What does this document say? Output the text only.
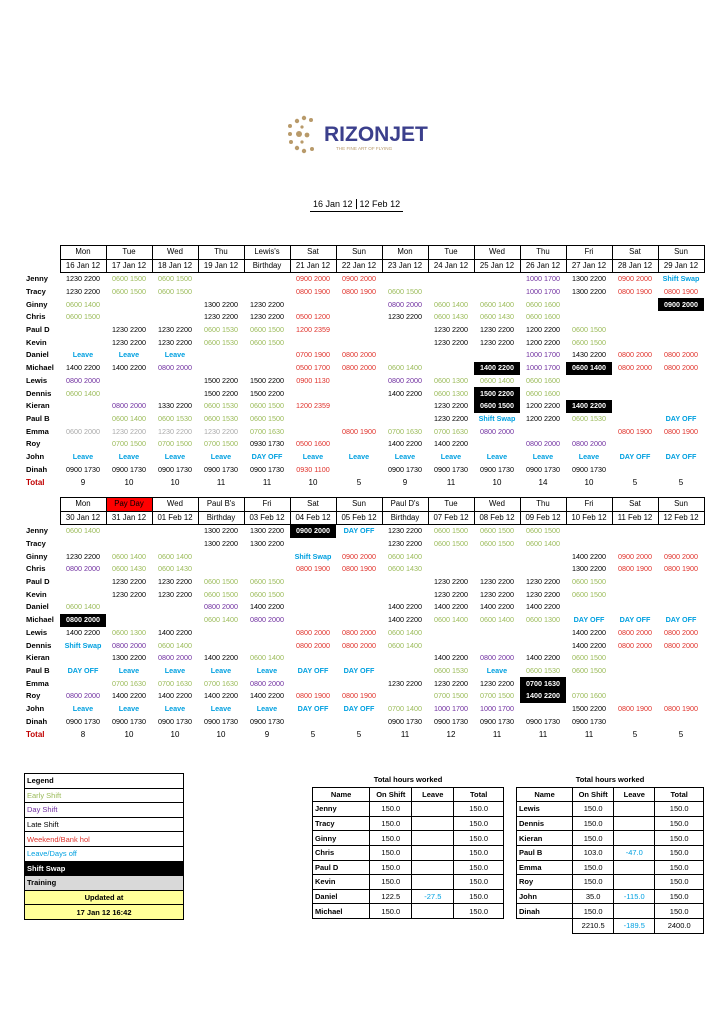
RIZONJET
THE FINE ART OF FLYING
16 Jan 12 12 Feb 12
	Mon	Tue	Wed	Thu	Lewis's	Sat	Sun	Mon	Tue	Wed	Thu	Fri	Sat	Sun
	16 Jan 12	17 Jan 12	18 Jan 12	19 Jan 12	Birthday	21 Jan 12	22 Jan 12	23 Jan 12	24 Jan 12	25 Jan 12	26 Jan 12	27 Jan 12	28 Jan 12	29 Jan 12
Jenny	1230 2200	0600 1500	0600 1500			0900 2000	0900 2000				1000 1700	1300 2200	0900 2000	Shift Swap
Tracy	1230 2200	0600 1500	0600 1500			0800 1900	0800 1900	0600 1500			1000 1700	1300 2200	0800 1900	0800 1900
Ginny	0600 1400			1300 2200	1230 2200			0800 2000	0600 1400	0600 1400	0600 1600			0900 2000
Chris	0600 1500			1230 2200	1230 2200	0500 1200		1230 2200	0600 1430	0600 1430	0600 1600			
Paul D		1230 2200	1230 2200	0600 1530	0600 1500	1200 2359			1230 2200	1230 2200	1200 2200	0600 1500		
Kevin		1230 2200	1230 2200	0600 1530	0600 1500				1230 2200	1230 2200	1200 2200	0600 1500		
Daniel	Leave	Leave	Leave			0700 1900	0800 2000				1000 1700	1430 2200	0800 2000	0800 2000
Michael	1400 2200	1400 2200	0800 2000			0500 1700	0800 2000	0600 1400		1400 2200	1000 1700	0600 1400	0800 2000	0800 2000
Lewis	0800 2000			1500 2200	1500 2200	0900 1130		0800 2000	0600 1300	0600 1400	0600 1600			
Dennis	0600 1400			1500 2200	1500 2200			1400 2200	0600 1300	1500 2200	0600 1600			
Kieran		0800 2000	1330 2200	0600 1530	0600 1500	1200 2359			1230 2200	0600 1500	1200 2200	1400 2200		
Paul B		0600 1400	0600 1530	0600 1530	0600 1500				1230 2200	Shift Swap	1200 2200	0600 1530		DAY OFF
Emma	0600 2000	1230 2200	1230 2200	1230 2200	0700 1630		0800 1900	0700 1630	0700 1630	0800 2000			0800 1900	0800 1900
Roy		0700 1500	0700 1500	0700 1500	0930 1730	0500 1600		1400 2200	1400 2200		0800 2000	0800 2000		
John	Leave	Leave	Leave	Leave	DAY OFF	Leave	Leave	Leave	Leave	Leave	Leave	Leave	DAY OFF	DAY OFF
Dinah	0900 1730	0900 1730	0900 1730	0900 1730	0900 1730	0930 1100		0900 1730	0900 1730	0900 1730	0900 1730	0900 1730		
Total	9	10	10	11	11	10	5	9	11	10	14	10	5	5
	Mon	Pay Day	Wed	Paul B's	Fri	Sat	Sun	Paul D's	Tue	Wed	Thu	Fri	Sat	Sun
	30 Jan 12	31 Jan 12	01 Feb 12	Birthday	03 Feb 12	04 Feb 12	05 Feb 12	Birthday	07 Feb 12	08 Feb 12	09 Feb 12	10 Feb 12	11 Feb 12	12 Feb 12
Jenny	0600 1400			1300 2200	1300 2200	0900 2000	DAY OFF	1230 2200	0600 1500	0600 1500	0600 1500			
Tracy				1300 2200	1300 2200			1230 2200	0600 1500	0600 1500	0600 1400			
Ginny	1230 2200	0600 1400	0600 1400			Shift Swap	0900 2000	0600 1400				1400 2200	0900 2000	0900 2000
Chris	0800 2000	0600 1430	0600 1430			0800 1900	0800 1900	0600 1430				1300 2200	0800 1900	0800 1900
Paul D		1230 2200	1230 2200	0600 1500	0600 1500				1230 2200	1230 2200	1230 2200	0600 1500		
Kevin		1230 2200	1230 2200	0600 1500	0600 1500				1230 2200	1230 2200	1230 2200	0600 1500		
Daniel	0600 1400			0800 2000	1400 2200			1400 2200	1400 2200	1400 2200	1400 2200			
Michael	0800 2000			0600 1400	0800 2000			1400 2200	0600 1400	0600 1400	0600 1300	DAY OFF	DAY OFF	DAY OFF
Lewis	1400 2200	0600 1300	1400 2200			0800 2000	0800 2000	0600 1400				1400 2200	0800 2000	0800 2000
Dennis	Shift Swap	0800 2000	0600 1400			0800 2000	0800 2000	0600 1400				1400 2200	0800 2000	0800 2000
Kieran		1300 2200	0800 2000	1400 2200	0600 1400				1400 2200	0800 2000	1400 2200	0600 1500		
Paul B	DAY OFF	Leave	Leave	Leave	Leave	DAY OFF	DAY OFF		0600 1530	Leave	0600 1530	0600 1500		
Emma		0700 1630	0700 1630	0700 1630	0800 2000			1230 2200	1230 2200	1230 2200	0700 1630			
Roy	0800 2000	1400 2200	1400 2200	1400 2200	1400 2200	0800 1900	0800 1900		0700 1500	0700 1500	1400 2200	0700 1600		
John	Leave	Leave	Leave	Leave	Leave	DAY OFF	DAY OFF	0700 1400	1000 1700	1000 1700		1500 2200	0800 1900	0800 1900
Dinah	0900 1730	0900 1730	0900 1730	0900 1730	0900 1730			0900 1730	0900 1730	0900 1730	0900 1730	0900 1730		
Total	8	10	10	10	9	5	5	11	12	11	11	11	5	5
Legend
Early Shift
Day Shift
Late Shift
Weekend/Bank hol
Leave/Days off
Shift Swap
Training
Updated at
17 Jan 12 16:42
Total hours worked			
Name	On Shift	Leave	Total
Jenny	150.0		150.0
Tracy	150.0		150.0
Ginny	150.0		150.0
Chris	150.0		150.0
Paul D	150.0		150.0
Kevin	150.0		150.0
Daniel	122.5	-27.5	150.0
Michael	150.0		150.0
Total hours worked			
Name	On Shift	Leave	Total
Lewis	150.0		150.0
Dennis	150.0		150.0
Kieran	150.0		150.0
Paul B	103.0	-47.0	150.0
Emma	150.0		150.0
Roy	150.0		150.0
John	35.0	-115.0	150.0
Dinah	150.0		150.0
	2210.5	-189.5	2400.0
